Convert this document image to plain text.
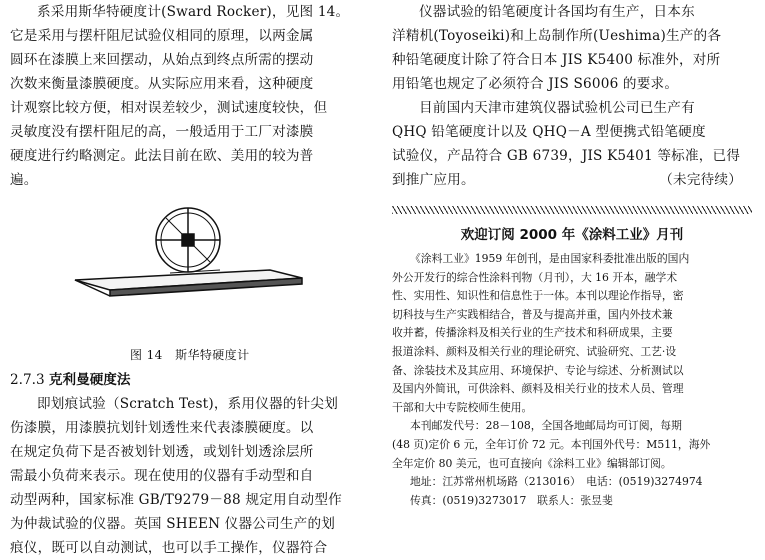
系采用斯华特硬度计(Sward Rocker)，见图 14。
它是采用与摆杆阻尼试验仪相同的原理，以两金属
圆环在漆膜上来回摆动，从始点到终点所需的摆动
次数来衡量漆膜硬度。从实际应用来看，这种硬度
计观察比较方便，相对误差较少，测试速度较快，但
灵敏度没有摆杆阻尼的高，一般适用于工厂对漆膜
硬度进行约略测定。此法目前在欧、美用的较为普
遍。
图 14　斯华特硬度计
2.7.3 克利曼硬度法
即划痕试验（Scratch Test)，系用仪器的针尖划
伤漆膜，用漆膜抗划针划透性来代表漆膜硬度。以
在规定负荷下是否被划针划透，或划针划透涂层所
需最小负荷来表示。现在使用的仪器有手动型和自
动型两种，国家标准 GB/T9279－88 规定用自动型作
为仲裁试验的仪器。英国 SHEEN 仪器公司生产的划
痕仪，既可以自动测试，也可以手工操作，仪器符合
仪器试验的铅笔硬度计各国均有生产，日本东
洋精机(Toyoseiki)和上岛制作所(Ueshima)生产的各
种铅笔硬度计除了符合日本 JIS K5400 标准外，对所
用铅笔也规定了必须符合 JIS S6006 的要求。
目前国内天津市建筑仪器试验机公司已生产有
QHQ 铅笔硬度计以及 QHQ－A 型便携式铅笔硬度
试验仪，产品符合 GB 6739，JIS K5401 等标准，已得
到推广应用。	（未完待续）
欢迎订阅 2000 年《涂料工业》月刊
《涂料工业》1959 年创刊，是由国家科委批准出版的国内
外公开发行的综合性涂料刊物（月刊），大 16 开本，融学术
性、实用性、知识性和信息性于一体。本刊以理论作指导，密
切科技与生产实践相结合，普及与提高并重，国内外技术兼
收并蓄，传播涂料及相关行业的生产技术和科研成果，主要
报道涂料、颜料及相关行业的理论研究、试验研究、工艺·设
备、涂装技术及其应用、环境保护、专论与综述、分析测试以
及国内外简讯，可供涂料、颜料及相关行业的技术人员、管理
干部和大中专院校师生使用。
本刊邮发代号：28－108，全国各地邮局均可订阅，每期
(48 页)定价 6 元，全年订价 72 元。本刊国外代号：M511，海外
全年定价 80 美元，也可直接向《涂料工业》编辑部订阅。
地址：江苏常州机场路（213016）　电话：(0519)3274974
传真：(0519)3273017　联系人：张昱斐
